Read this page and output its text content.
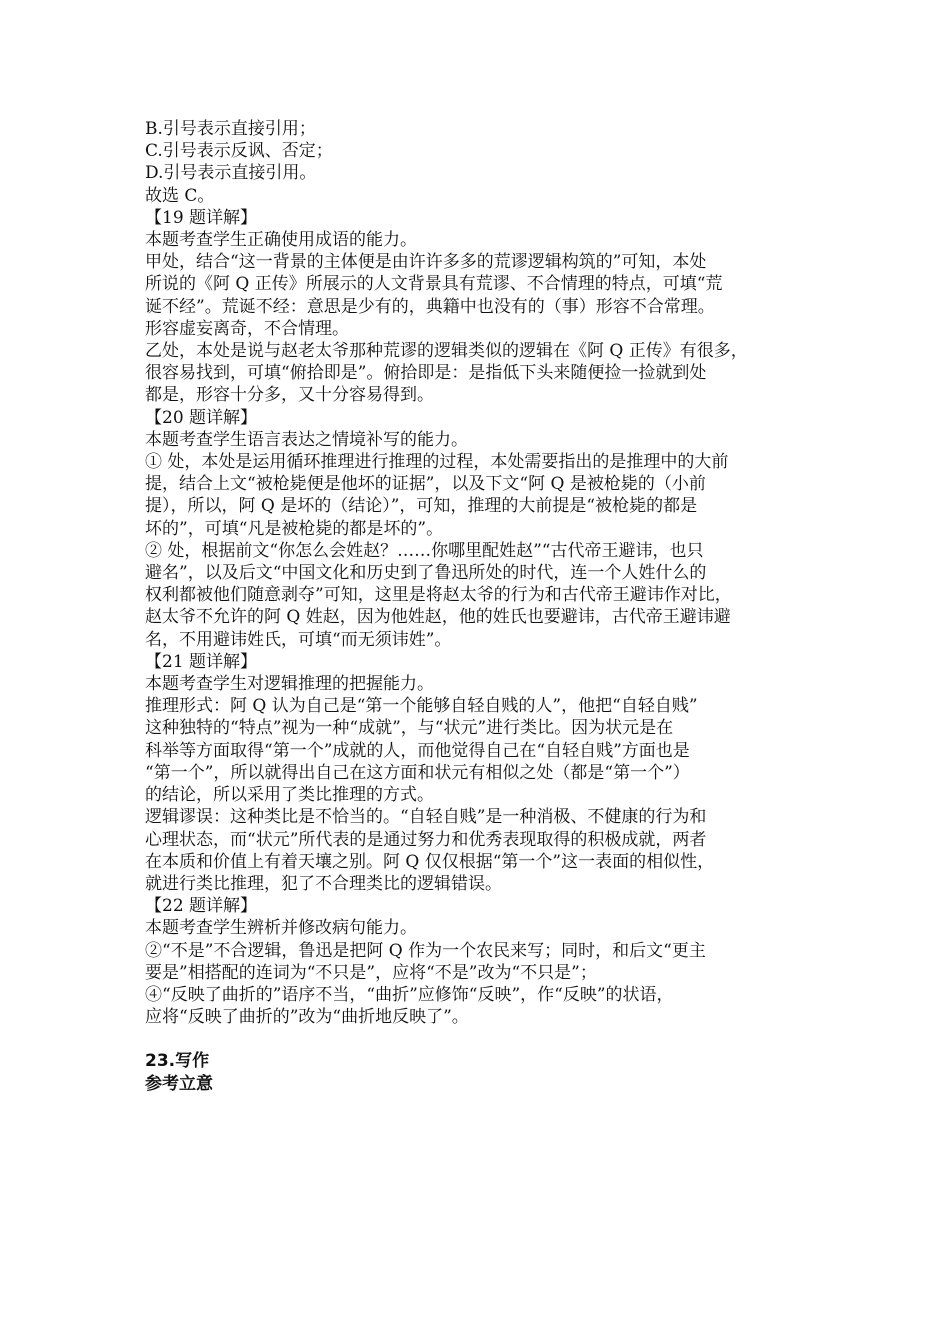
B.引号表示直接引用；
C.引号表示反讽、否定；
D.引号表示直接引用。
故选 C。
【19 题详解】
本题考查学生正确使用成语的能力。
甲处，结合“这一背景的主体便是由许许多多的荒谬逻辑构筑的”可知，本处
所说的《阿 Q 正传》所展示的人文背景具有荒谬、不合情理的特点，可填“荒
诞不经”。荒诞不经：意思是少有的，典籍中也没有的（事）形容不合常理。
形容虚妄离奇，不合情理。
乙处，本处是说与赵老太爷那种荒谬的逻辑类似的逻辑在《阿 Q 正传》有很多，
很容易找到，可填“俯拾即是”。俯拾即是：是指低下头来随便捡一捡就到处
都是，形容十分多，又十分容易得到。
【20 题详解】
本题考查学生语言表达之情境补写的能力。
① 处，本处是运用循环推理进行推理的过程，本处需要指出的是推理中的大前
提，结合上文“被枪毙便是他坏的证据”，以及下文“阿 Q 是被枪毙的（小前
提），所以，阿 Q 是坏的（结论）”，可知，推理的大前提是“被枪毙的都是
坏的”，可填“凡是被枪毙的都是坏的”。
② 处，根据前文“你怎么会姓赵？……你哪里配姓赵”“古代帝王避讳，也只
避名”，以及后文“中国文化和历史到了鲁迅所处的时代，连一个人姓什么的
权利都被他们随意剥夺”可知，这里是将赵太爷的行为和古代帝王避讳作对比，
赵太爷不允许的阿 Q 姓赵，因为他姓赵，他的姓氏也要避讳，古代帝王避讳避
名，不用避讳姓氏，可填“而无须讳姓”。
【21 题详解】
本题考查学生对逻辑推理的把握能力。
推理形式：阿 Q 认为自己是“第一个能够自轻自贱的人”，他把“自轻自贱”
这种独特的“特点”视为一种“成就”，与“状元”进行类比。因为状元是在
科举等方面取得“第一个”成就的人，而他觉得自己在“自轻自贱”方面也是
“第一个”，所以就得出自己在这方面和状元有相似之处（都是“第一个”）
的结论，所以采用了类比推理的方式。
逻辑谬误：这种类比是不恰当的。“自轻自贱”是一种消极、不健康的行为和
心理状态，而“状元”所代表的是通过努力和优秀表现取得的积极成就，两者
在本质和价值上有着天壤之别。阿 Q 仅仅根据“第一个”这一表面的相似性，
就进行类比推理，犯了不合理类比的逻辑错误。
【22 题详解】
本题考查学生辨析并修改病句能力。
②“不是”不合逻辑，鲁迅是把阿 Q 作为一个农民来写；同时，和后文“更主
要是”相搭配的连词为“不只是”，应将“不是”改为“不只是”；
④“反映了曲折的”语序不当，“曲折”应修饰“反映”，作“反映”的状语，
应将“反映了曲折的”改为“曲折地反映了”。
23.写作
参考立意
